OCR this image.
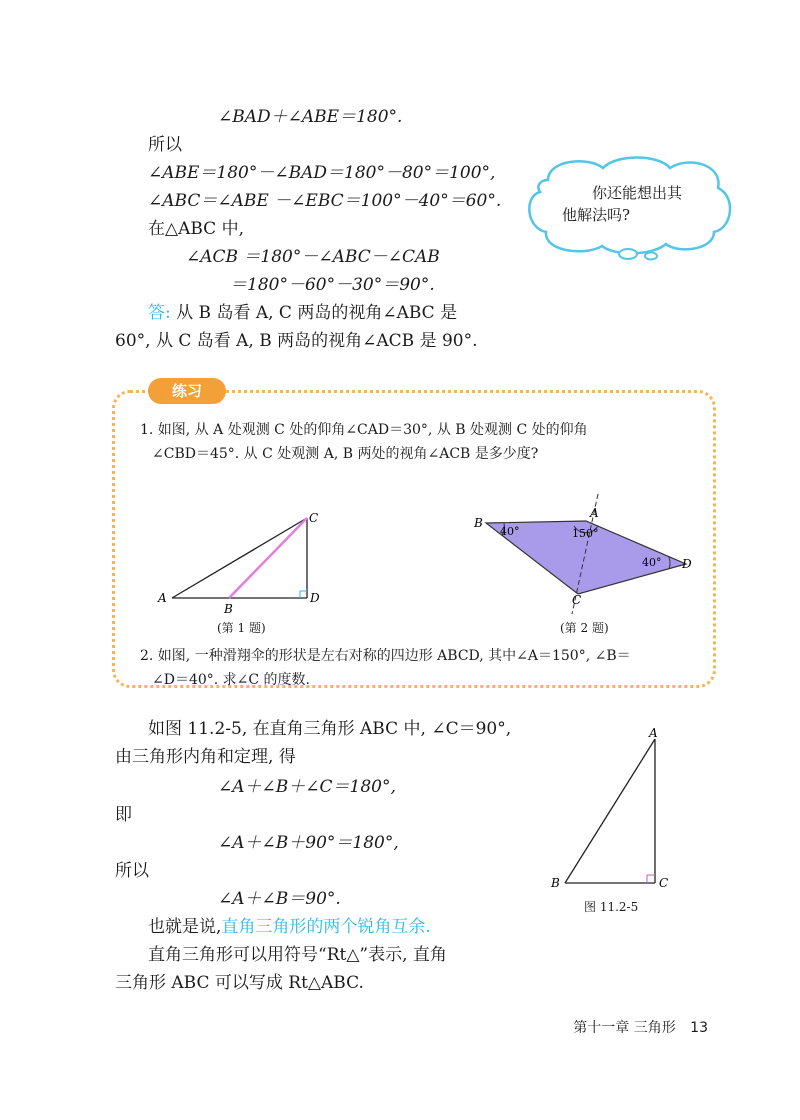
∠BAD＋∠ABE＝180°.
所以
∠ABE＝180°－∠BAD＝180°－80°＝100°,
∠ABC＝∠ABE －∠EBC＝100°－40°＝60°.
在△ABC 中,
∠ACB ＝180°－∠ABC－∠CAB
＝180°－60°－30°＝90°.
答: 从 B 岛看 A, C 两岛的视角∠ABC 是
60°, 从 C 岛看 A, B 两岛的视角∠ACB 是 90°.
你还能想出其
他解法吗?
练习
1. 如图, 从 A 处观测 C 处的仰角∠CAD＝30°, 从 B 处观测 C 处的仰角
∠CBD＝45°. 从 C 处观测 A, B 两处的视角∠ACB 是多少度?
A
B
C
D
(第 1 题)
A
B
C
D
150°
40°
40°
(第 2 题)
2. 如图, 一种滑翔伞的形状是左右对称的四边形 ABCD, 其中∠A＝150°, ∠B＝
∠D＝40°. 求∠C 的度数.
如图 11.2-5, 在直角三角形 ABC 中, ∠C＝90°,
由三角形内角和定理, 得
∠A＋∠B＋∠C＝180°,
即
∠A＋∠B＋90°＝180°,
所以
∠A＋∠B＝90°.
也就是说,直角三角形的两个锐角互余.
直角三角形可以用符号“Rt△”表示, 直角
三角形 ABC 可以写成 Rt△ABC.
A
B	C
图 11.2-5
第十一章 三角形 13
